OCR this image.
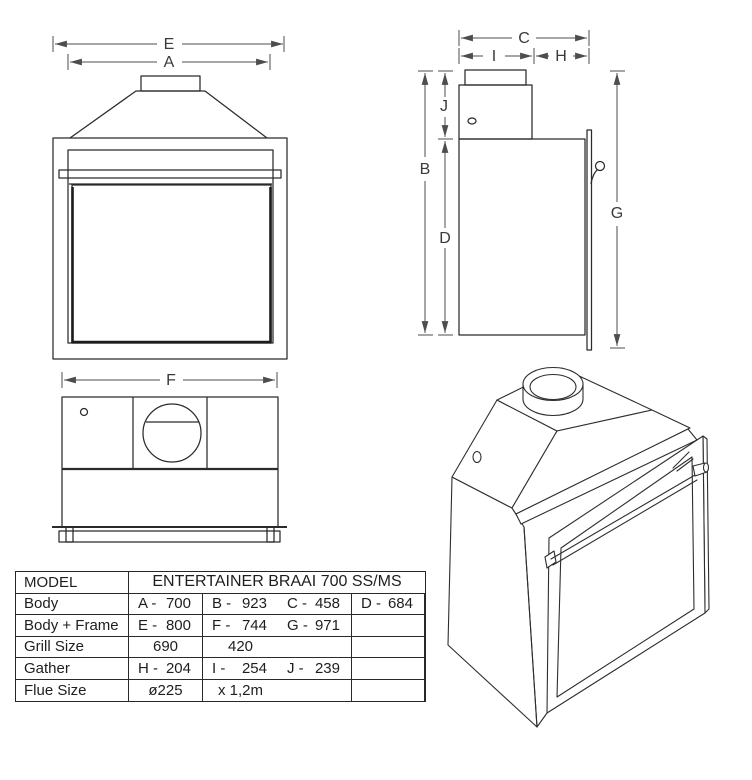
E
A
C
I	H
B
J
D
G
F
MODEL	ENTERTAINER BRAAI 700 SS/MS
Body	A - 700 B - 923 C - 458 D - 684
Body + Frame	E - 800 F - 744 G - 971
Grill Size	690	420
Gather	H - 204 I - 254 J - 239
Flue Size	ø225 x 1,2m
